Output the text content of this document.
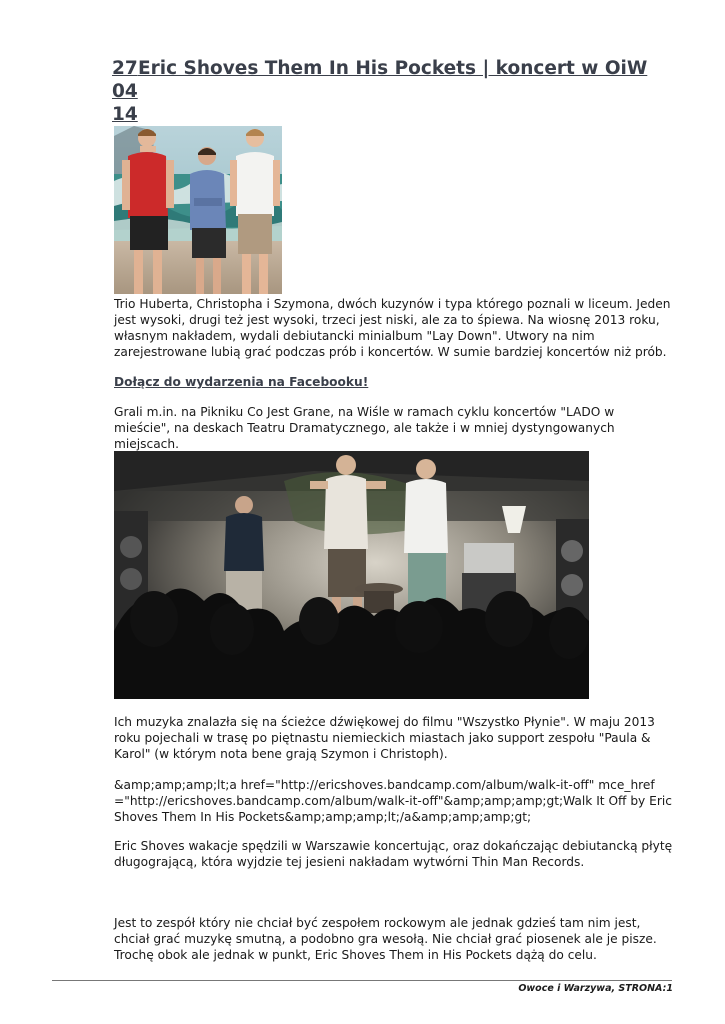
27
04
14
Eric Shoves Them In His Pockets | koncert w OiW

Trio Huberta, Christopha i Szymona, dwóch kuzynów i typa którego poznali w liceum. Jeden jest wysoki, drugi też jest wysoki, trzeci jest niski, ale za to śpiewa. Na wiosnę 2013 roku, własnym nakładem, wydali debiutancki minialbum "Lay Down". Utwory na nim zarejestrowane lubią grać podczas prób i koncertów. W sumie bardziej koncertów niż prób.

Dołącz do wydarzenia na Facebooku!

Grali m.in. na Pikniku Co Jest Grane, na Wiśle w ramach cyklu koncertów "LADO w mieście", na deskach Teatru Dramatycznego, ale także i w mniej dystyngowanych miejscach.

Ich muzyka znalazła się na ścieżce dźwiękowej do filmu "Wszystko Płynie". W maju 2013 roku pojechali w trasę po piętnastu niemieckich miastach jako support zespołu "Paula & Karol" (w którym nota bene grają Szymon i Christoph).

&amp;amp;amp;lt;a href="http://ericshoves.bandcamp.com/album/walk-it-off" mce_href="http://ericshoves.bandcamp.com/album/walk-it-off"&amp;amp;amp;gt;Walk It Off by Eric Shoves Them In His Pockets&amp;amp;amp;lt;/a&amp;amp;amp;gt;

Eric Shoves wakacje spędzili w Warszawie koncertując, oraz dokańczając debiutancką płytę długogrającą, która wyjdzie tej jesieni nakładam wytwórni Thin Man Records.

Jest to zespół który nie chciał być zespołem rockowym ale jednak gdzieś tam nim jest, chciał grać muzykę smutną, a podobno gra wesołą. Nie chciał grać piosenek ale je pisze. Trochę obok ale jednak w punkt, Eric Shoves Them in His Pockets dążą do celu.

Owoce i Warzywa, STRONA:1
